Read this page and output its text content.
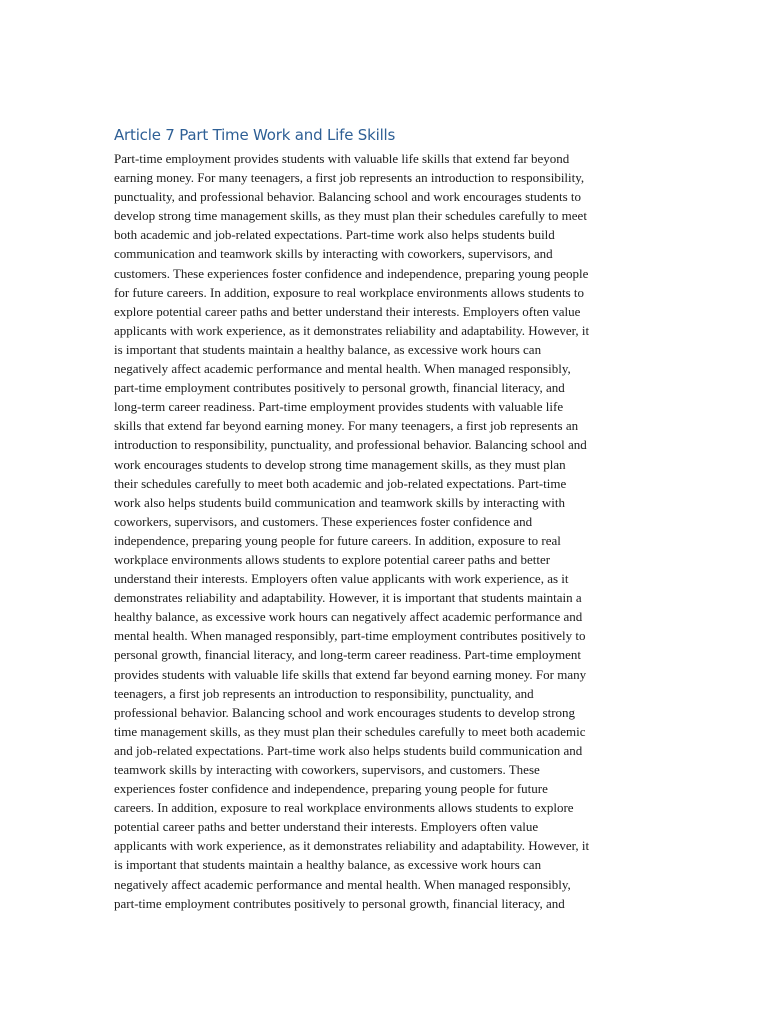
Article 7 Part Time Work and Life Skills
Part-time employment provides students with valuable life skills that extend far beyond
earning money. For many teenagers, a first job represents an introduction to responsibility,
punctuality, and professional behavior. Balancing school and work encourages students to
develop strong time management skills, as they must plan their schedules carefully to meet
both academic and job-related expectations. Part-time work also helps students build
communication and teamwork skills by interacting with coworkers, supervisors, and
customers. These experiences foster confidence and independence, preparing young people
for future careers. In addition, exposure to real workplace environments allows students to
explore potential career paths and better understand their interests. Employers often value
applicants with work experience, as it demonstrates reliability and adaptability. However, it
is important that students maintain a healthy balance, as excessive work hours can
negatively affect academic performance and mental health. When managed responsibly,
part-time employment contributes positively to personal growth, financial literacy, and
long-term career readiness. Part-time employment provides students with valuable life
skills that extend far beyond earning money. For many teenagers, a first job represents an
introduction to responsibility, punctuality, and professional behavior. Balancing school and
work encourages students to develop strong time management skills, as they must plan
their schedules carefully to meet both academic and job-related expectations. Part-time
work also helps students build communication and teamwork skills by interacting with
coworkers, supervisors, and customers. These experiences foster confidence and
independence, preparing young people for future careers. In addition, exposure to real
workplace environments allows students to explore potential career paths and better
understand their interests. Employers often value applicants with work experience, as it
demonstrates reliability and adaptability. However, it is important that students maintain a
healthy balance, as excessive work hours can negatively affect academic performance and
mental health. When managed responsibly, part-time employment contributes positively to
personal growth, financial literacy, and long-term career readiness. Part-time employment
provides students with valuable life skills that extend far beyond earning money. For many
teenagers, a first job represents an introduction to responsibility, punctuality, and
professional behavior. Balancing school and work encourages students to develop strong
time management skills, as they must plan their schedules carefully to meet both academic
and job-related expectations. Part-time work also helps students build communication and
teamwork skills by interacting with coworkers, supervisors, and customers. These
experiences foster confidence and independence, preparing young people for future
careers. In addition, exposure to real workplace environments allows students to explore
potential career paths and better understand their interests. Employers often value
applicants with work experience, as it demonstrates reliability and adaptability. However, it
is important that students maintain a healthy balance, as excessive work hours can
negatively affect academic performance and mental health. When managed responsibly,
part-time employment contributes positively to personal growth, financial literacy, and
